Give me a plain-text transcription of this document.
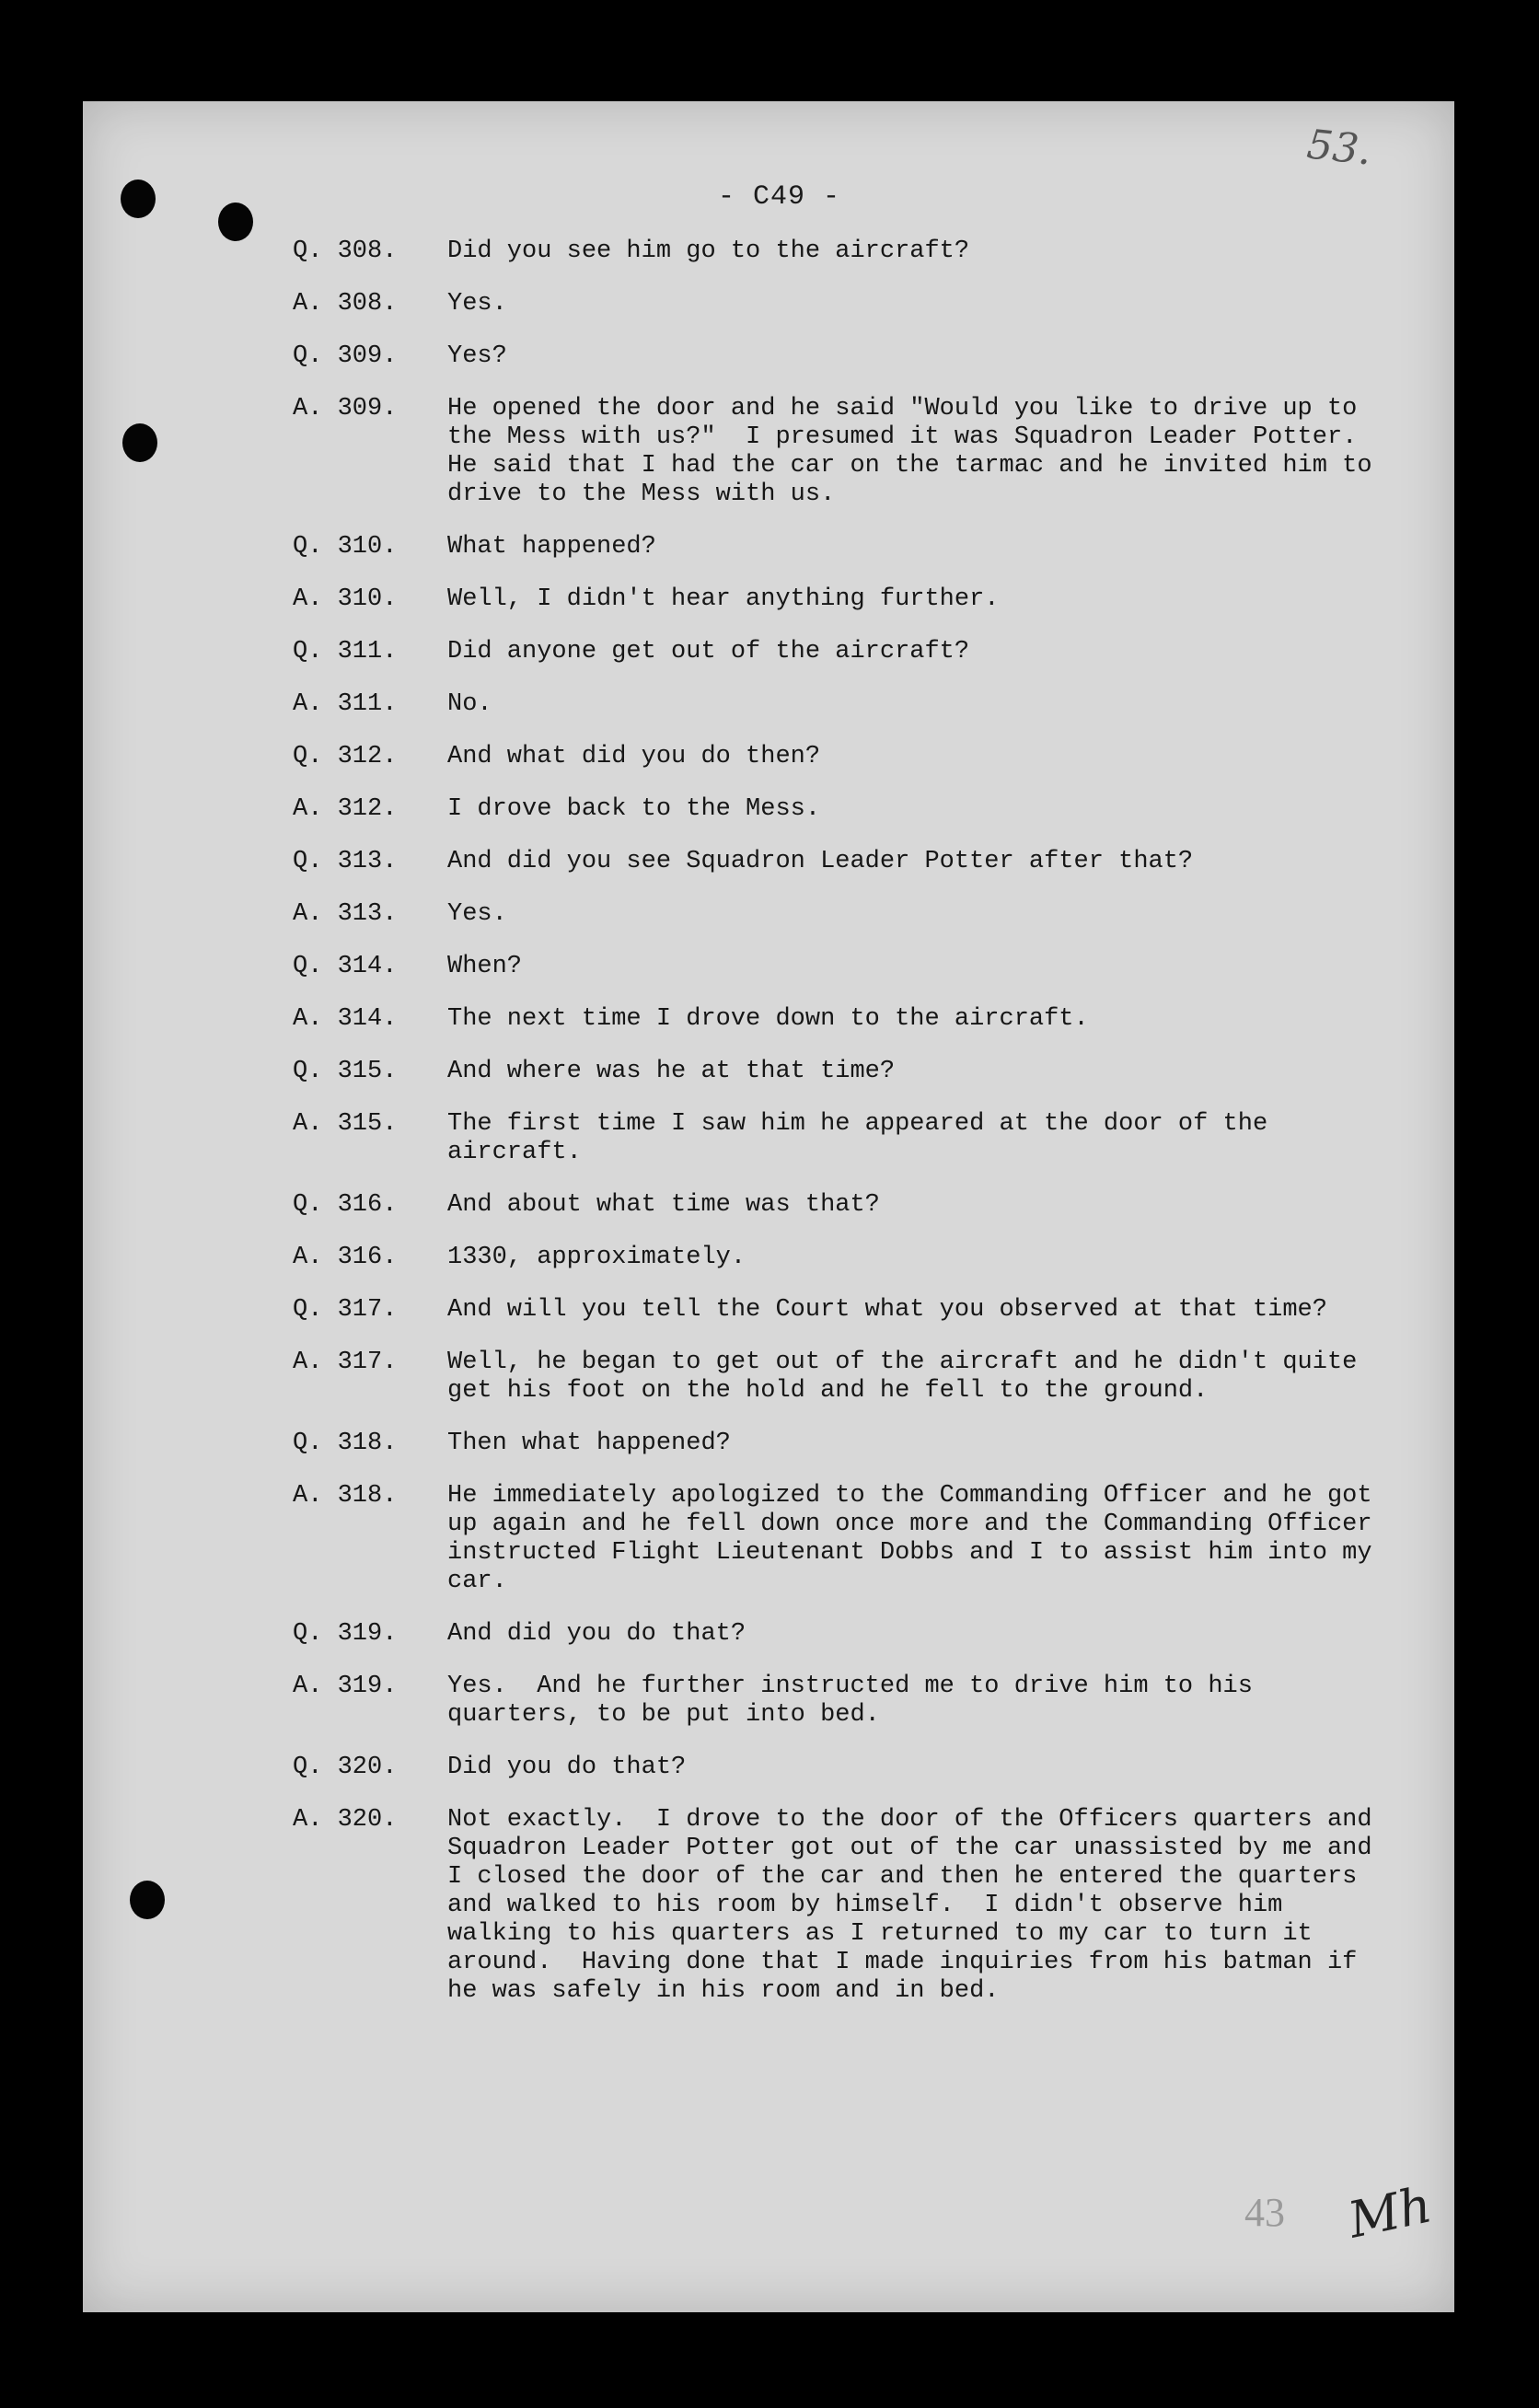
53.
- C49 -
Q. 308.	Did you see him go to the aircraft?
A. 308.	Yes.
Q. 309.	Yes?
A. 309.	He opened the door and he said "Would you like to drive up to the Mess with us?"  I presumed it was Squadron Leader Potter.  He said that I had the car on the tarmac and he invited him to drive to the Mess with us.
Q. 310.	What happened?
A. 310.	Well, I didn't hear anything further.
Q. 311.	Did anyone get out of the aircraft?
A. 311.	No.
Q. 312.	And what did you do then?
A. 312.	I drove back to the Mess.
Q. 313.	And did you see Squadron Leader Potter after that?
A. 313.	Yes.
Q. 314.	When?
A. 314.	The next time I drove down to the aircraft.
Q. 315.	And where was he at that time?
A. 315.	The first time I saw him he appeared at the door of the aircraft.
Q. 316.	And about what time was that?
A. 316.	1330, approximately.
Q. 317.	And will you tell the Court what you observed at that time?
A. 317.	Well, he began to get out of the aircraft and he didn't quite get his foot on the hold and he fell to the ground.
Q. 318.	Then what happened?
A. 318.	He immediately apologized to the Commanding Officer and he got up again and he fell down once more and the Commanding Officer instructed Flight Lieutenant Dobbs and I to assist him into my car.
Q. 319.	And did you do that?
A. 319.	Yes.  And he further instructed me to drive him to his quarters, to be put into bed.
Q. 320.	Did you do that?
A. 320.	Not exactly.  I drove to the door of the Officers quarters and Squadron Leader Potter got out of the car unassisted by me and I closed the door of the car and then he entered the quarters and walked to his room by himself.  I didn't observe him walking to his quarters as I returned to my car to turn it around.  Having done that I made inquiries from his batman if he was safely in his room and in bed.
43 Mh
